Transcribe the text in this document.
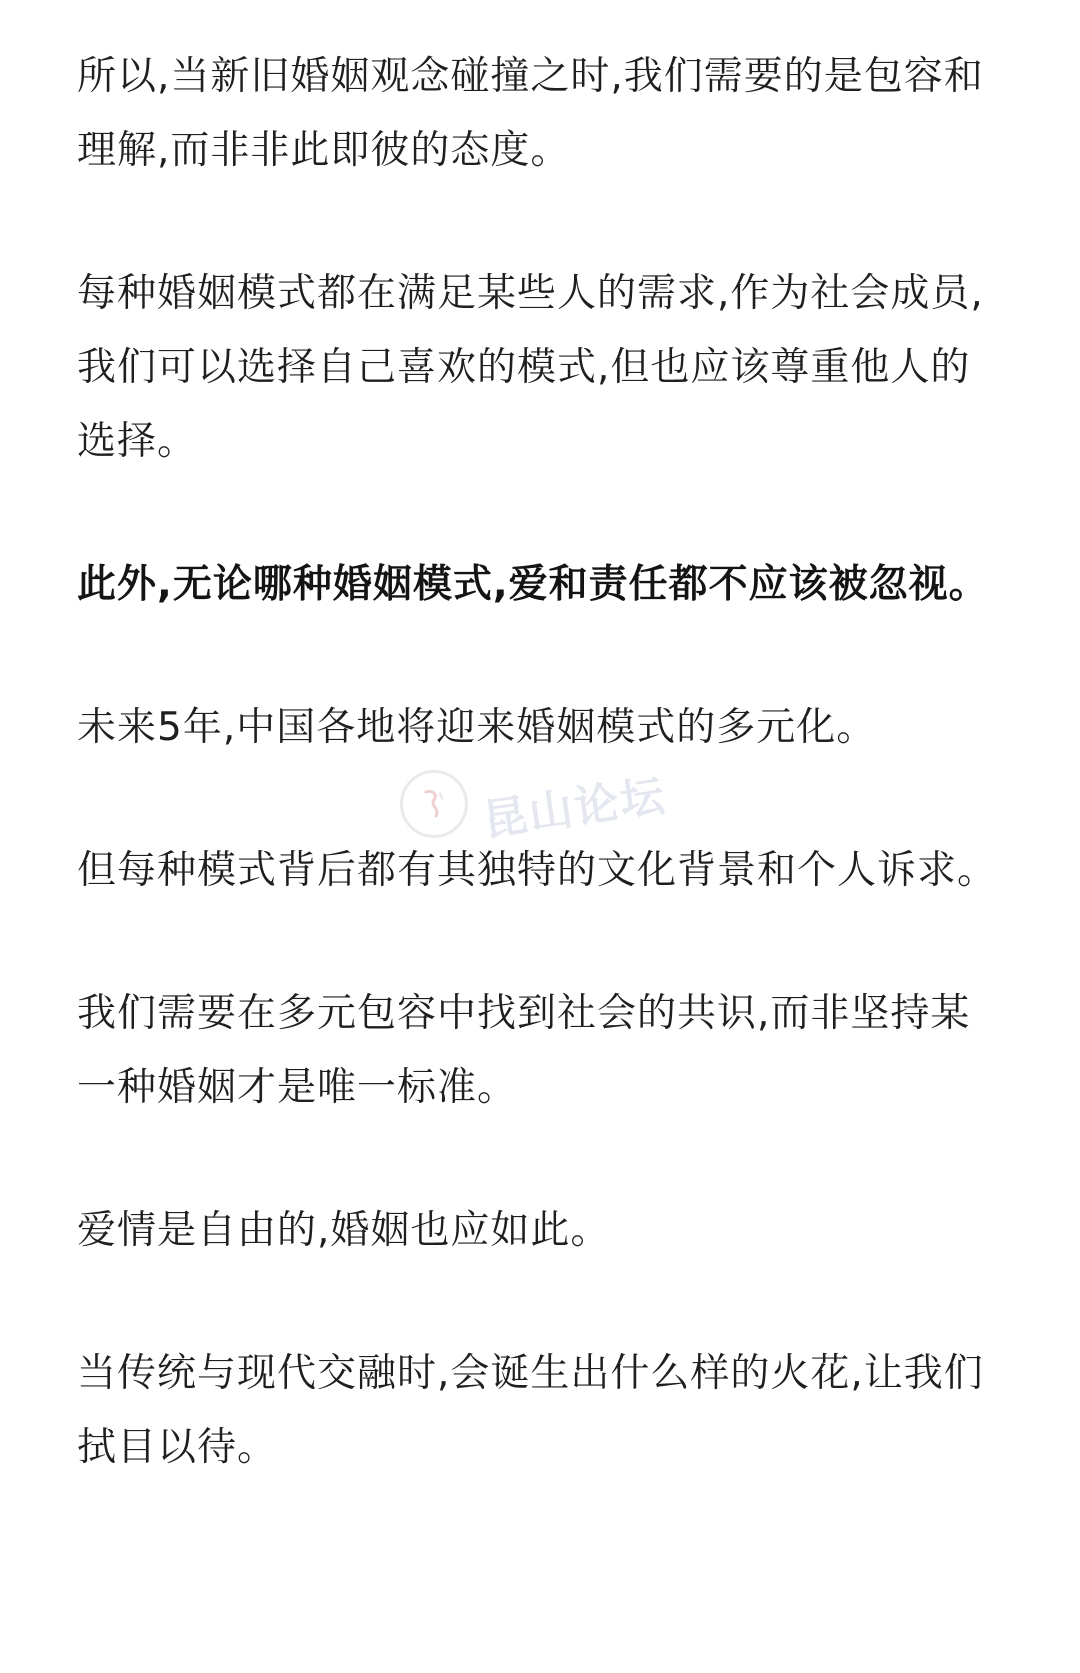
所以,当新旧婚姻观念碰撞之时,我们需要的是包容和理解,而非非此即彼的态度。

每种婚姻模式都在满足某些人的需求,作为社会成员,我们可以选择自己喜欢的模式,但也应该尊重他人的选择。

此外,无论哪种婚姻模式,爱和责任都不应该被忽视。

未来5年,中国各地将迎来婚姻模式的多元化。

但每种模式背后都有其独特的文化背景和个人诉求。

我们需要在多元包容中找到社会的共识,而非坚持某一种婚姻才是唯一标准。

爱情是自由的,婚姻也应如此。

当传统与现代交融时,会诞生出什么样的火花,让我们拭目以待。

昆山论坛
